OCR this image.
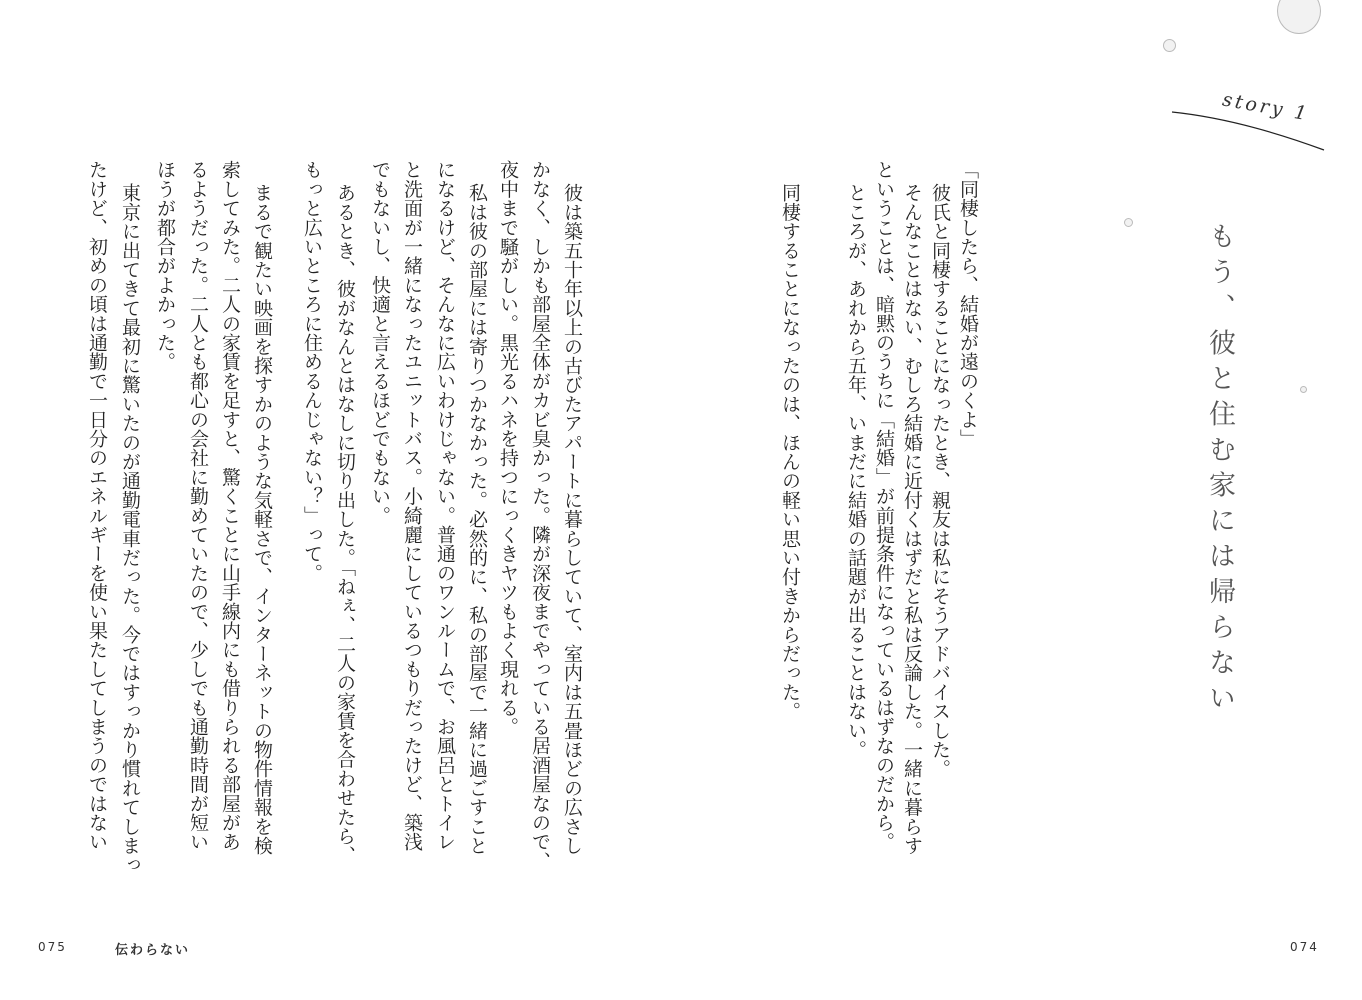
story 1
もう、彼と住む家には帰らない
「同棲したら、結婚が遠のくよ」
彼氏と同棲することになったとき、親友は私にそうアドバイスした。
そんなことはない、むしろ結婚に近付くはずだと私は反論した。一緒に暮らす
ということは、暗黙のうちに「結婚」が前提条件になっているはずなのだから。
ところが、あれから五年、いまだに結婚の話題が出ることはない。
同棲することになったのは、ほんの軽い思い付きからだった。
彼は築五十年以上の古びたアパートに暮らしていて、室内は五畳ほどの広さし
かなく、しかも部屋全体がカビ臭かった。隣が深夜までやっている居酒屋なので、
夜中まで騒がしい。黒光るハネを持つにっくきヤツもよく現れる。
私は彼の部屋には寄りつかなかった。必然的に、私の部屋で一緒に過ごすこと
になるけど、そんなに広いわけじゃない。普通のワンルームで、お風呂とトイレ
と洗面が一緒になったユニットバス。小綺麗にしているつもりだったけど、築浅
でもないし、快適と言えるほどでもない。
あるとき、彼がなんとはなしに切り出した。「ねぇ、二人の家賃を合わせたら、
もっと広いところに住めるんじゃない？」って。
まるで観たい映画を探すかのような気軽さで、インターネットの物件情報を検
索してみた。二人の家賃を足すと、驚くことに山手線内にも借りられる部屋があ
るようだった。二人とも都心の会社に勤めていたので、少しでも通勤時間が短い
ほうが都合がよかった。
東京に出てきて最初に驚いたのが通勤電車だった。今ではすっかり慣れてしまっ
たけど、初めの頃は通勤で一日分のエネルギーを使い果たしてしまうのではない
075	伝わらない	074
